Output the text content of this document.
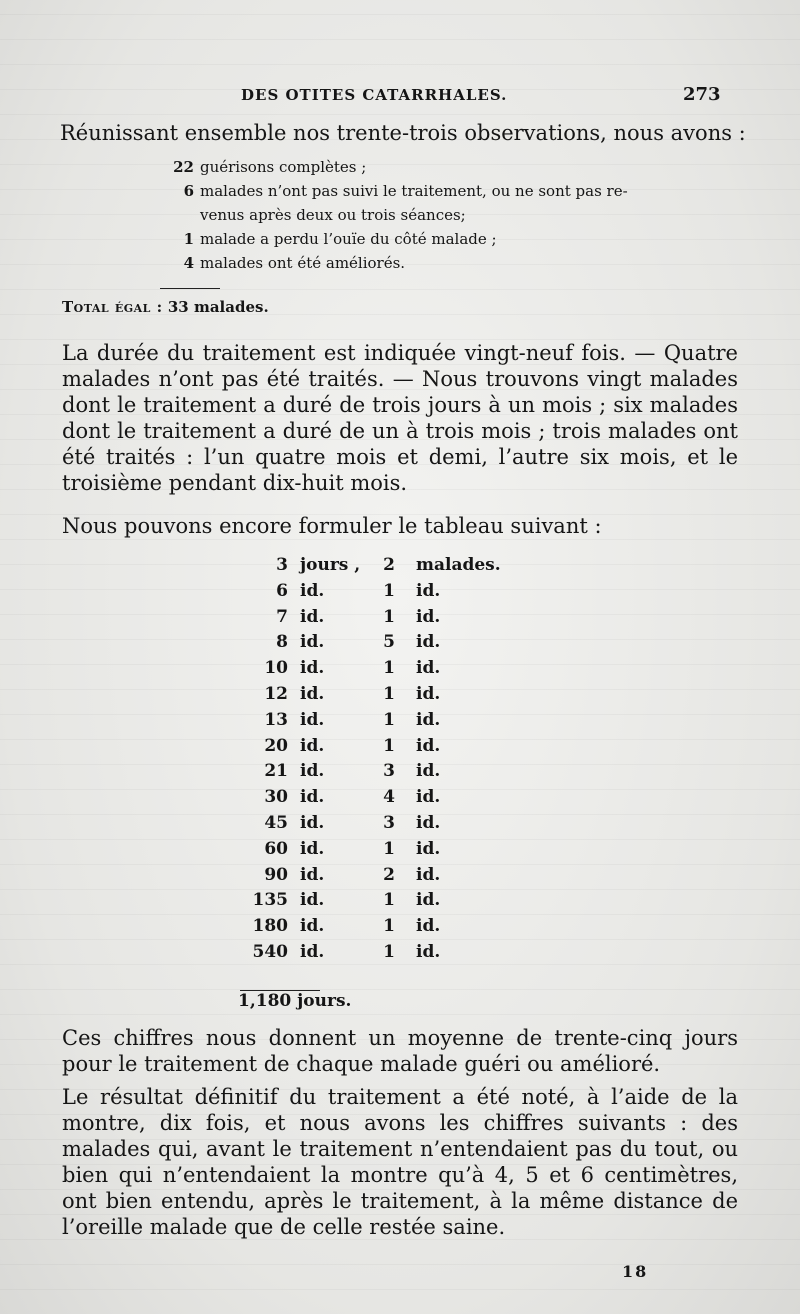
DES OTITES CATARRHALES.	273
Réunissant ensemble nos trente-trois observations, nous avons :
22 guérisons complètes ;
6 malades n’ont pas suivi le traitement, ou ne sont pas re-
venus après deux ou trois séances;
1 malade a perdu l’ouïe du côté malade ;
4 malades ont été améliorés.
Total égal : 33 malades.
La durée du traitement est indiquée vingt-neuf fois. — Quatre malades n’ont pas été traités. — Nous trouvons vingt malades dont le traitement a duré de trois jours à un mois ; six malades dont le traitement a duré de un à trois mois ; trois malades ont été traités : l’un quatre mois et demi, l’autre six mois, et le troisième pendant dix-huit mois.
Nous pouvons encore formuler le tableau suivant :
3 jours , 2 malades.
6 id.	1 id.
7 id.	1 id.
8 id.	5 id.
10 id.	1 id.
12 id.	1 id.
13 id.	1 id.
20 id.	1 id.
21 id.	3 id.
30 id.	4 id.
45 id.	3 id.
60 id.	1 id.
90 id.	2 id.
135 id.	1 id.
180 id.	1 id.
540 id.	1 id.
1,180 jours.
Ces chiffres nous donnent un moyenne de trente-cinq jours pour le traitement de chaque malade guéri ou amélioré.
Le résultat définitif du traitement a été noté, à l’aide de la montre, dix fois, et nous avons les chiffres suivants : des malades qui, avant le traitement n’entendaient pas du tout, ou bien qui n’entendaient la montre qu’à 4, 5 et 6 centimètres, ont bien entendu, après le traitement, à la même distance de l’oreille malade que de celle restée saine.
18
